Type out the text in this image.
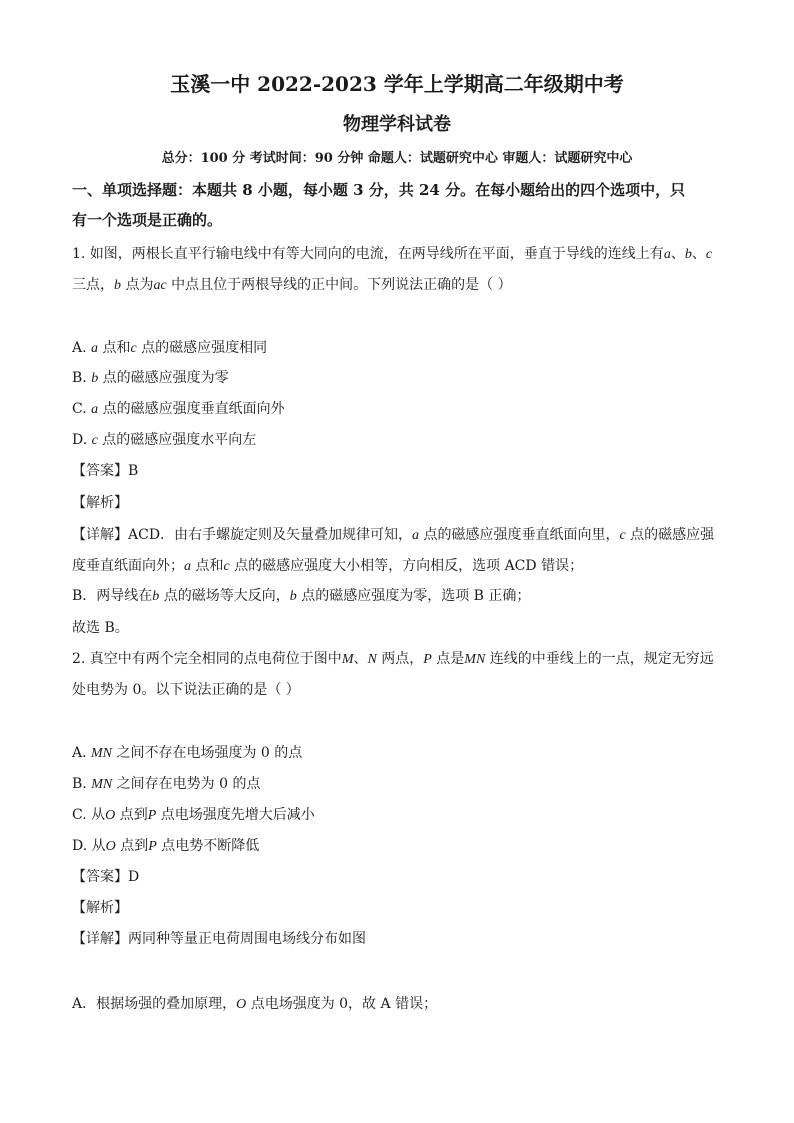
玉溪一中 2022-2023 学年上学期高二年级期中考
物理学科试卷
总分：100 分 考试时间：90 分钟 命题人：试题研究中心 审题人：试题研究中心
一、单项选择题：本题共 8 小题，每小题 3 分，共 24 分。在每小题给出的四个选项中，只
有一个选项是正确的。
1. 如图，两根长直平行输电线中有等大同向的电流，在两导线所在平面，垂直于导线的连线上有a、b、c
三点，b 点为ac 中点且位于两根导线的正中间。下列说法正确的是（ ）
A. a 点和c 点的磁感应强度相同
B. b 点的磁感应强度为零
C. a 点的磁感应强度垂直纸面向外
D. c 点的磁感应强度水平向左
【答案】B
【解析】
【详解】ACD．由右手螺旋定则及矢量叠加规律可知，a 点的磁感应强度垂直纸面向里，c 点的磁感应强
度垂直纸面向外；a 点和c 点的磁感应强度大小相等，方向相反，选项 ACD 错误；
B．两导线在b 点的磁场等大反向，b 点的磁感应强度为零，选项 B 正确；
故选 B。
2. 真空中有两个完全相同的点电荷位于图中M、N 两点，P 点是MN 连线的中垂线上的一点，规定无穷远
处电势为 0。以下说法正确的是（ ）
A. MN 之间不存在电场强度为 0 的点
B. MN 之间存在电势为 0 的点
C. 从O 点到P 点电场强度先增大后减小
D. 从O 点到P 点电势不断降低
【答案】D
【解析】
【详解】两同种等量正电荷周围电场线分布如图
A．根据场强的叠加原理，O 点电场强度为 0，故 A 错误；
